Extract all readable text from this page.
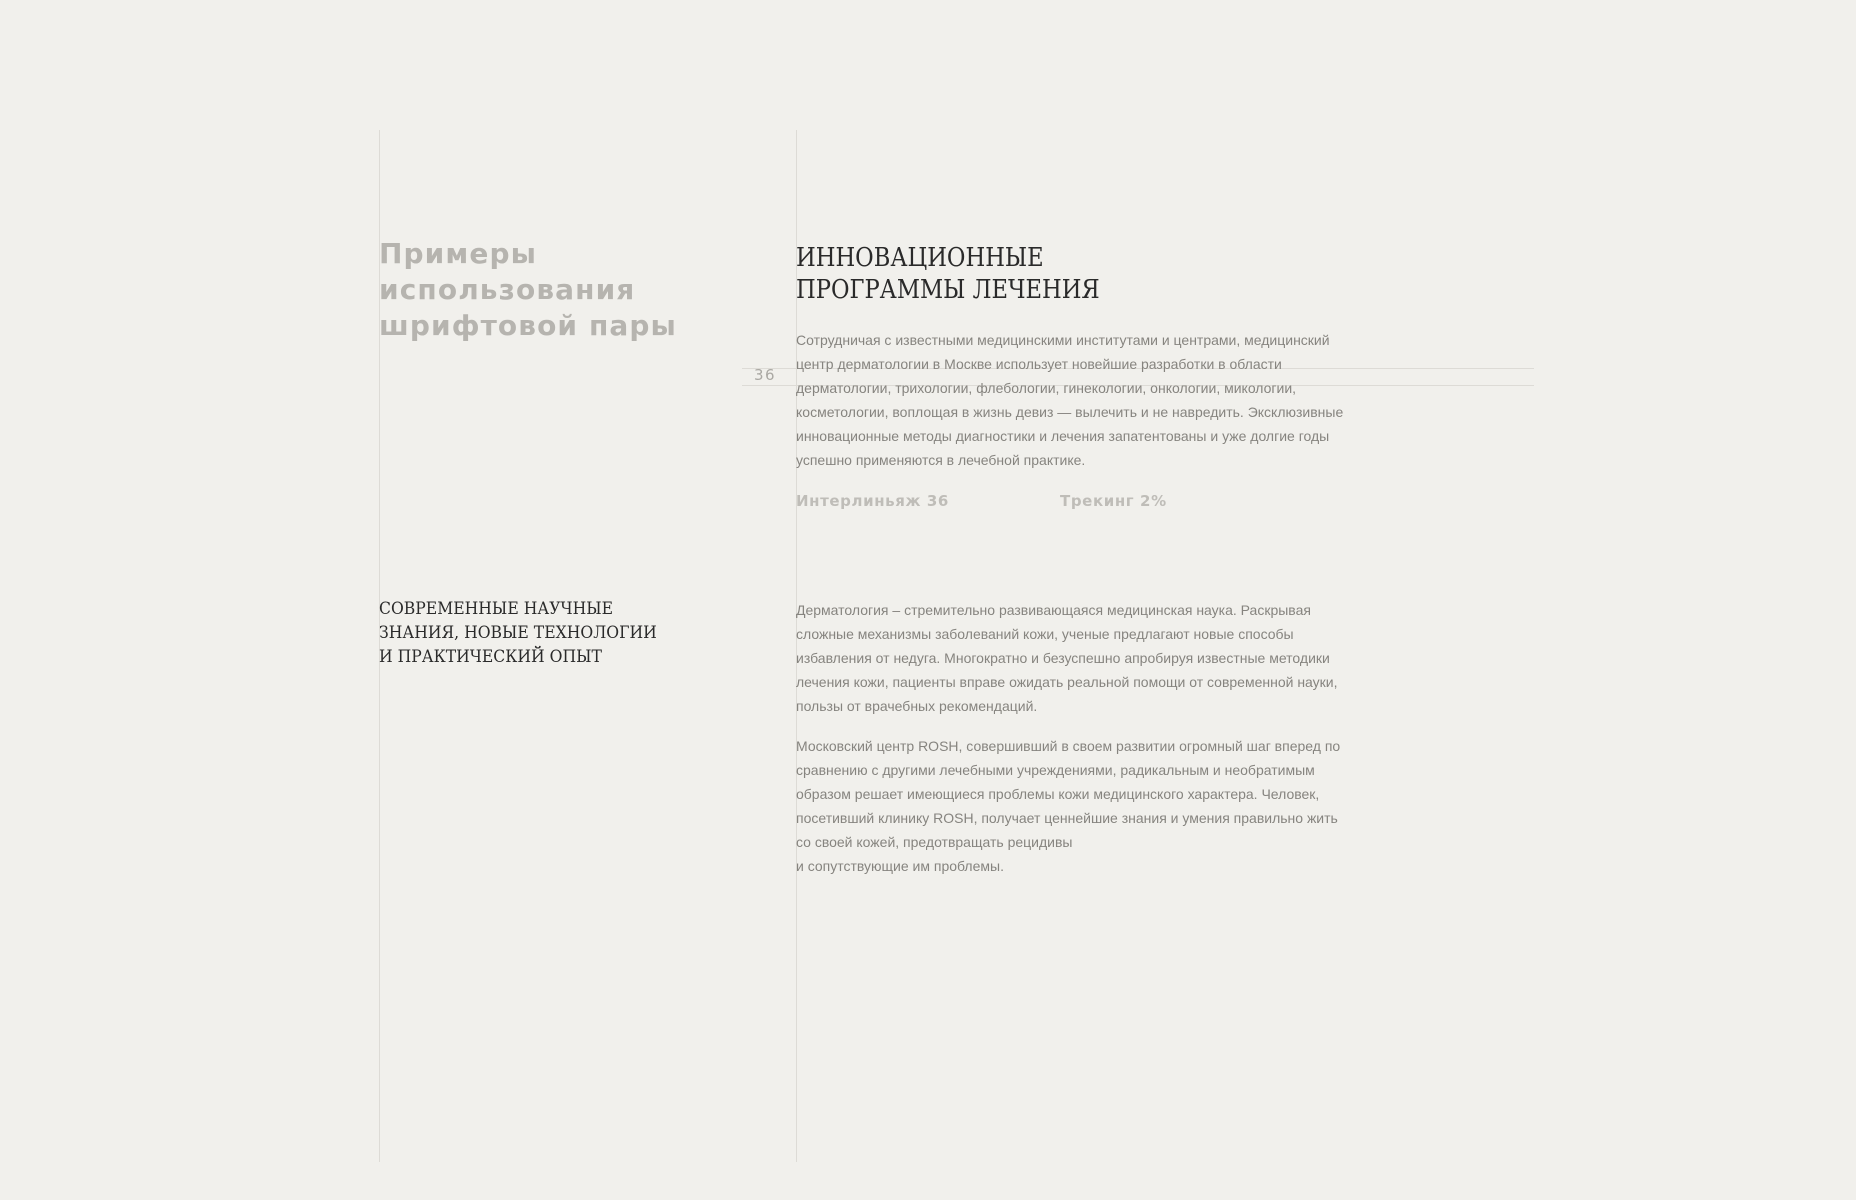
Примеры использования шрифтовой пары
36
ИННОВАЦИОННЫЕ
ПРОГРАММЫ ЛЕЧЕНИЯ

Сотрудничая с известными медицинскими институтами и центрами, медицинский
центр дерматологии в Москве использует новейшие разработки в области
дерматологии, трихологии, флебологии, гинекологии, онкологии, микологии,
косметологии, воплощая в жизнь девиз — вылечить и не навредить. Эксклюзивные
инновационные методы диагностики и лечения запатентованы и уже долгие годы
успешно применяются в лечебной практике.

Интерлиньяж 36	Трекинг 2%
СОВРЕМЕННЫЕ НАУЧНЫЕ
ЗНАНИЯ, НОВЫЕ ТЕХНОЛОГИИ
И ПРАКТИЧЕСКИЙ ОПЫТ

Дерматология – стремительно развивающаяся медицинская наука. Раскрывая
сложные механизмы заболеваний кожи, ученые предлагают новые способы
избавления от недуга. Многократно и безуспешно апробируя известные методики
лечения кожи, пациенты вправе ожидать реальной помощи от современной науки,
пользы от врачебных рекомендаций.

Московский центр ROSH, совершивший в своем развитии огромный шаг вперед по
сравнению с другими лечебными учреждениями, радикальным и необратимым
образом решает имеющиеся проблемы кожи медицинского характера. Человек,
посетивший клинику ROSH, получает ценнейшие знания и умения правильно жить
со своей кожей, предотвращать рецидивы
и сопутствующие им проблемы.
